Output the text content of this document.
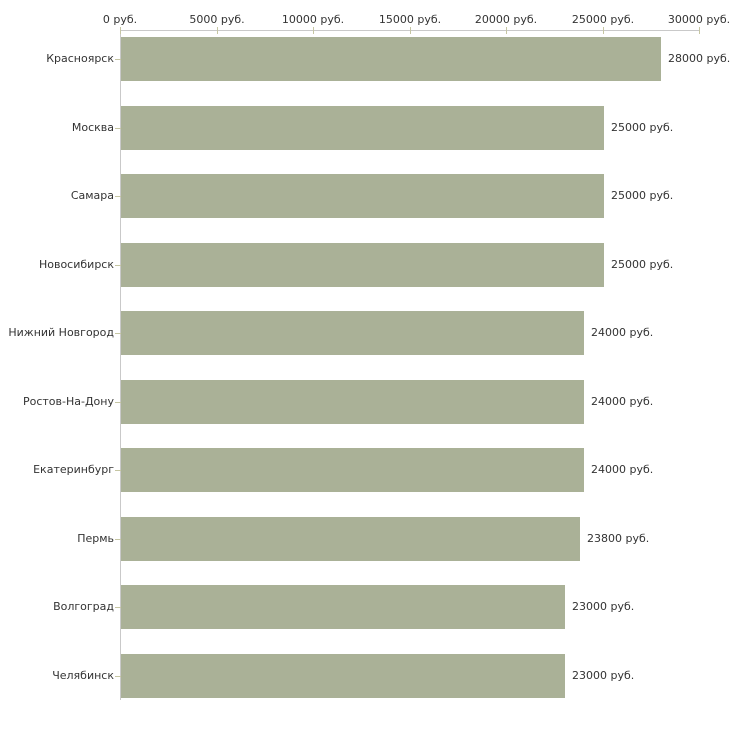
0 руб.	5000 руб.	10000 руб.	15000 руб.	20000 руб.	25000 руб.	30000 руб.
Красноярск	28000 руб.
Москва	25000 руб.
Самара	25000 руб.
Новосибирск	25000 руб.
Нижний Новгород	24000 руб.
Ростов-На-Дону	24000 руб.
Екатеринбург	24000 руб.
Пермь	23800 руб.
Волгоград	23000 руб.
Челябинск	23000 руб.
